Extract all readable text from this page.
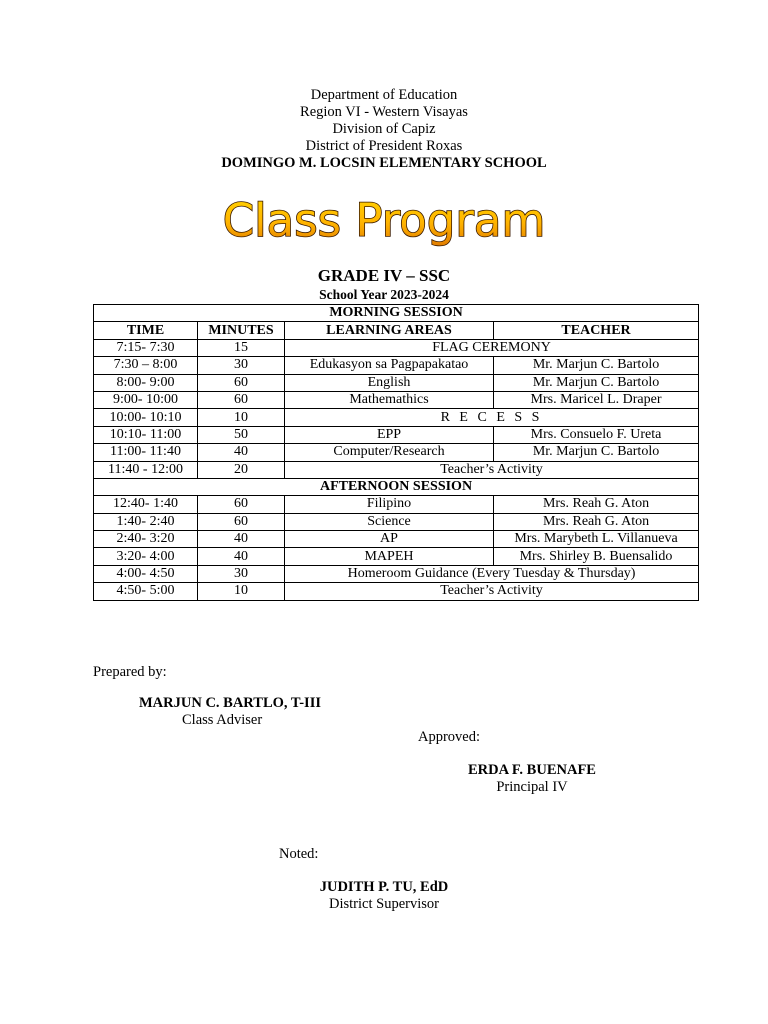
Department of Education
Region VI - Western Visayas
Division of Capiz
District of President Roxas
DOMINGO M. LOCSIN ELEMENTARY SCHOOL
Class Program
GRADE IV – SSC
School Year 2023-2024
MORNING SESSION			
TIME	MINUTES	LEARNING AREAS	TEACHER
7:15- 7:30	15	FLAG CEREMONY	
7:30 – 8:00	30	Edukasyon sa Pagpapakatao	Mr. Marjun C. Bartolo
8:00- 9:00	60	English	Mr. Marjun C. Bartolo
9:00- 10:00	60	Mathemathics	Mrs. Maricel L. Draper
10:00- 10:10	10	R E C E S S	
10:10- 11:00	50	EPP	Mrs. Consuelo F. Ureta
11:00- 11:40	40	Computer/Research	Mr. Marjun C. Bartolo
11:40 - 12:00	20	Teacher’s Activity	
AFTERNOON SESSION			
12:40- 1:40	60	Filipino	Mrs. Reah G. Aton
1:40- 2:40	60	Science	Mrs. Reah G. Aton
2:40- 3:20	40	AP	Mrs. Marybeth L. Villanueva
3:20- 4:00	40	MAPEH	Mrs. Shirley B. Buensalido
4:00- 4:50	30	Homeroom Guidance (Every Tuesday & Thursday)	
4:50- 5:00	10	Teacher’s Activity	
Prepared by:
MARJUN C. BARTLO, T-III
Class Adviser
Approved:
ERDA F. BUENAFE
Principal IV
Noted:
JUDITH P. TU, EdD
District Supervisor
